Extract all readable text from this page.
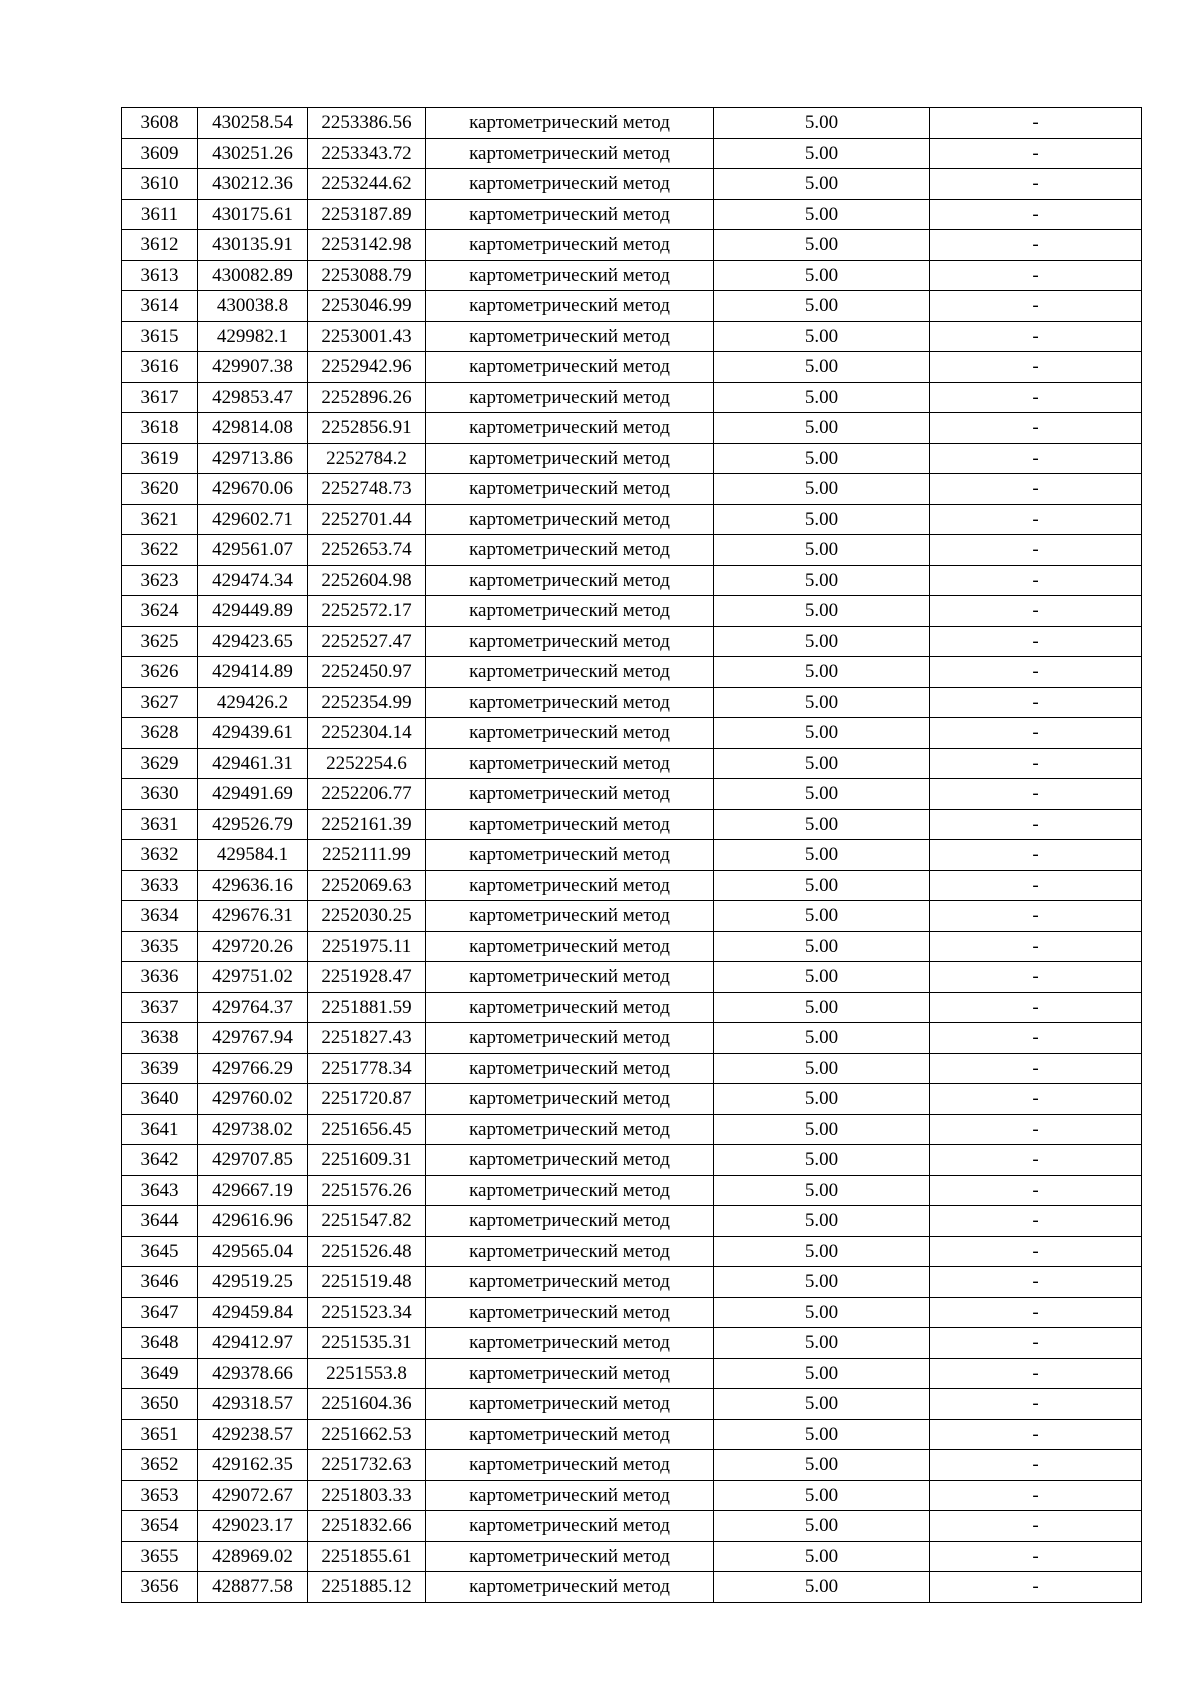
3608	430258.54	2253386.56	картометрический метод	5.00	-
3609	430251.26	2253343.72	картометрический метод	5.00	-
3610	430212.36	2253244.62	картометрический метод	5.00	-
3611	430175.61	2253187.89	картометрический метод	5.00	-
3612	430135.91	2253142.98	картометрический метод	5.00	-
3613	430082.89	2253088.79	картометрический метод	5.00	-
3614	430038.8	2253046.99	картометрический метод	5.00	-
3615	429982.1	2253001.43	картометрический метод	5.00	-
3616	429907.38	2252942.96	картометрический метод	5.00	-
3617	429853.47	2252896.26	картометрический метод	5.00	-
3618	429814.08	2252856.91	картометрический метод	5.00	-
3619	429713.86	2252784.2	картометрический метод	5.00	-
3620	429670.06	2252748.73	картометрический метод	5.00	-
3621	429602.71	2252701.44	картометрический метод	5.00	-
3622	429561.07	2252653.74	картометрический метод	5.00	-
3623	429474.34	2252604.98	картометрический метод	5.00	-
3624	429449.89	2252572.17	картометрический метод	5.00	-
3625	429423.65	2252527.47	картометрический метод	5.00	-
3626	429414.89	2252450.97	картометрический метод	5.00	-
3627	429426.2	2252354.99	картометрический метод	5.00	-
3628	429439.61	2252304.14	картометрический метод	5.00	-
3629	429461.31	2252254.6	картометрический метод	5.00	-
3630	429491.69	2252206.77	картометрический метод	5.00	-
3631	429526.79	2252161.39	картометрический метод	5.00	-
3632	429584.1	2252111.99	картометрический метод	5.00	-
3633	429636.16	2252069.63	картометрический метод	5.00	-
3634	429676.31	2252030.25	картометрический метод	5.00	-
3635	429720.26	2251975.11	картометрический метод	5.00	-
3636	429751.02	2251928.47	картометрический метод	5.00	-
3637	429764.37	2251881.59	картометрический метод	5.00	-
3638	429767.94	2251827.43	картометрический метод	5.00	-
3639	429766.29	2251778.34	картометрический метод	5.00	-
3640	429760.02	2251720.87	картометрический метод	5.00	-
3641	429738.02	2251656.45	картометрический метод	5.00	-
3642	429707.85	2251609.31	картометрический метод	5.00	-
3643	429667.19	2251576.26	картометрический метод	5.00	-
3644	429616.96	2251547.82	картометрический метод	5.00	-
3645	429565.04	2251526.48	картометрический метод	5.00	-
3646	429519.25	2251519.48	картометрический метод	5.00	-
3647	429459.84	2251523.34	картометрический метод	5.00	-
3648	429412.97	2251535.31	картометрический метод	5.00	-
3649	429378.66	2251553.8	картометрический метод	5.00	-
3650	429318.57	2251604.36	картометрический метод	5.00	-
3651	429238.57	2251662.53	картометрический метод	5.00	-
3652	429162.35	2251732.63	картометрический метод	5.00	-
3653	429072.67	2251803.33	картометрический метод	5.00	-
3654	429023.17	2251832.66	картометрический метод	5.00	-
3655	428969.02	2251855.61	картометрический метод	5.00	-
3656	428877.58	2251885.12	картометрический метод	5.00	-
